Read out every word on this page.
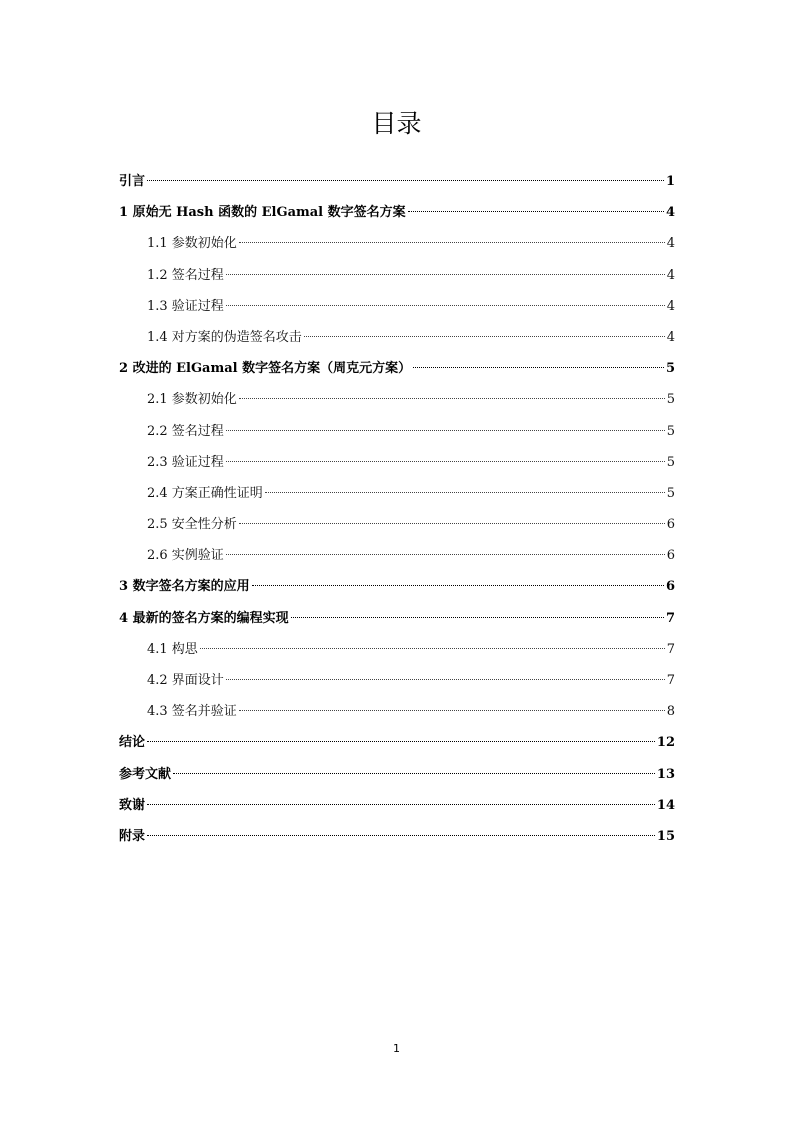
目录
引言	1
1 原始无 Hash 函数的 ElGamal 数字签名方案	4
1.1 参数初始化	4
1.2 签名过程	4
1.3 验证过程	4
1.4 对方案的伪造签名攻击	4
2 改进的 ElGamal 数字签名方案（周克元方案）	5
2.1 参数初始化	5
2.2 签名过程	5
2.3 验证过程	5
2.4 方案正确性证明	5
2.5 安全性分析	6
2.6 实例验证	6
3 数字签名方案的应用	6
4 最新的签名方案的编程实现	7
4.1 构思	7
4.2 界面设计	7
4.3 签名并验证	8
结论	12
参考文献	13
致谢	14
附录	15
1
